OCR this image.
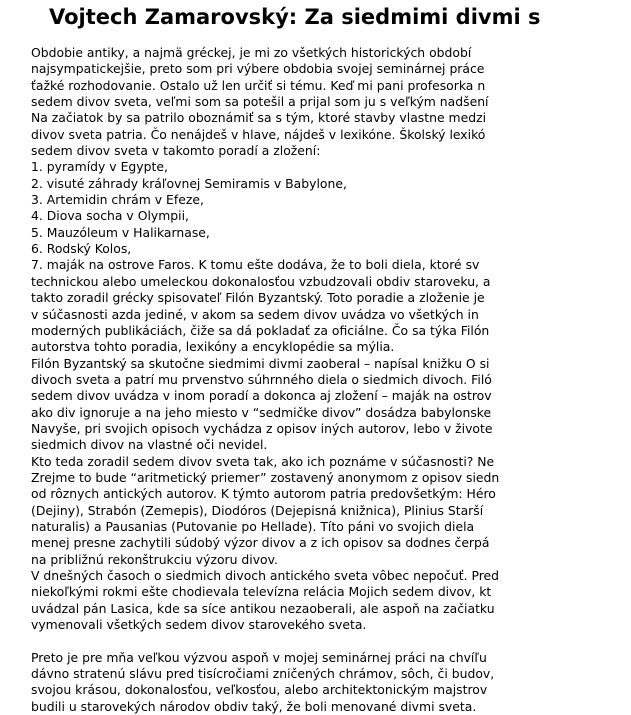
Vojtech Zamarovský: Za siedmimi divmi s
Obdobie antiky, a najmä gréckej, je mi zo všetkých historických období
najsympatickejšie, preto som pri výbere obdobia svojej seminárnej práce
ťažké rozhodovanie. Ostalo už len určiť si tému. Keď mi pani profesorka n
sedem divov sveta, veľmi som sa potešil a prijal som ju s veľkým nadšení
Na začiatok by sa patrilo oboznámiť sa s tým, ktoré stavby vlastne medzi
divov sveta patria. Čo nenájdeš v hlave, nájdeš v lexikóne. Školský lexikó
sedem divov sveta v takomto poradí a zložení:
1. pyramídy v Egypte,
2. visuté záhrady kráľovnej Semiramis v Babylone,
3. Artemidin chrám v Efeze,
4. Diova socha v Olympii,
5. Mauzóleum v Halikarnase,
6. Rodský Kolos,
7. maják na ostrove Faros. K tomu ešte dodáva, že to boli diela, ktoré sv
technickou alebo umeleckou dokonalosťou vzbudzovali obdiv staroveku, a
takto zoradil grécky spisovateľ Filón Byzantský. Toto poradie a zloženie je
v súčasnosti azda jediné, v akom sa sedem divov uvádza vo všetkých in
moderných publikáciách, čiže sa dá pokladať za oficiálne. Čo sa týka Filón
autorstva tohto poradia, lexikóny a encyklopédie sa mýlia.
Filón Byzantský sa skutočne siedmimi divmi zaoberal – napísal knižku O si
divoch sveta a patrí mu prvenstvo súhrnného diela o siedmich divoch. Filó
sedem divov uvádza v inom poradí a dokonca aj zložení – maják na ostrov
ako div ignoruje a na jeho miesto v “sedmičke divov” dosádza babylonske
Navyše, pri svojich opisoch vychádza z opisov iných autorov, lebo v živote
siedmich divov na vlastné oči nevidel.
Kto teda zoradil sedem divov sveta tak, ako ich poznáme v súčasnosti? Ne
Zrejme to bude “aritmetický priemer” zostavený anonymom z opisov siedn
od rôznych antických autorov. K týmto autorom patria predovšetkým: Héro
(Dejiny), Strabón (Zemepis), Diodóros (Dejepisná knižnica), Plinius Starší
naturalis) a Pausanias (Putovanie po Hellade). Títo páni vo svojich diela
menej presne zachytili súdobý výzor divov a z ich opisov sa dodnes čerpá
na približnú rekonštrukciu výzoru divov.
V dnešných časoch o siedmich divoch antického sveta vôbec nepočuť. Pred
niekoľkými rokmi ešte chodievala televízna relácia Mojich sedem divov, kt
uvádzal pán Lasica, kde sa síce antikou nezaoberali, ale aspoň na začiatku
vymenovali všetkých sedem divov starovekého sveta.
Preto je pre mňa veľkou výzvou aspoň v mojej seminárnej práci na chvíľu
dávno stratenú slávu pred tisícročiami zničených chrámov, sôch, či budov,
svojou krásou, dokonalosťou, veľkosťou, alebo architektonickým majstrov
budili u starovekých národov obdiv taký, že boli menované divmi sveta.
